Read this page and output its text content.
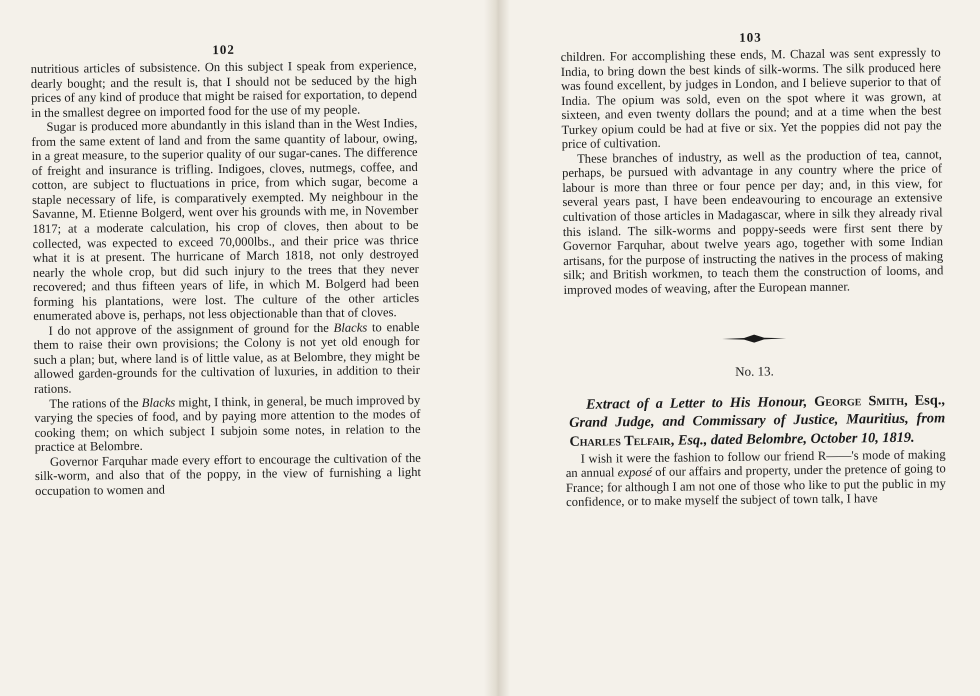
102

nutritious articles of subsistence. On this subject I speak from experience, dearly bought; and the result is, that I should not be seduced by the high prices of any kind of produce that might be raised for exportation, to depend in the smallest degree on imported food for the use of my people.

Sugar is produced more abundantly in this island than in the West Indies, from the same extent of land and from the same quantity of labour, owing, in a great measure, to the superior quality of our sugar-canes. The difference of freight and insurance is trifling. Indigoes, cloves, nutmegs, coffee, and cotton, are subject to fluctuations in price, from which sugar, become a staple necessary of life, is comparatively exempted. My neighbour in the Savanne, M. Etienne Bolgerd, went over his grounds with me, in November 1817; at a moderate calculation, his crop of cloves, then about to be collected, was expected to exceed 70,000lbs., and their price was thrice what it is at present. The hurricane of March 1818, not only destroyed nearly the whole crop, but did such injury to the trees that they never recovered; and thus fifteen years of life, in which M. Bolgerd had been forming his plantations, were lost. The culture of the other articles enumerated above is, perhaps, not less objectionable than that of cloves.

I do not approve of the assignment of ground for the Blacks to enable them to raise their own provisions; the Colony is not yet old enough for such a plan; but, where land is of little value, as at Belombre, they might be allowed garden-grounds for the cultivation of luxuries, in addition to their rations.

The rations of the Blacks might, I think, in general, be much improved by varying the species of food, and by paying more attention to the modes of cooking them; on which subject I subjoin some notes, in relation to the practice at Belombre.

Governor Farquhar made every effort to encourage the cultivation of the silk-worm, and also that of the poppy, in the view of furnishing a light occupation to women and

103

children. For accomplishing these ends, M. Chazal was sent expressly to India, to bring down the best kinds of silk-worms. The silk produced here was found excellent, by judges in London, and I believe superior to that of India. The opium was sold, even on the spot where it was grown, at sixteen, and even twenty dollars the pound; and at a time when the best Turkey opium could be had at five or six. Yet the poppies did not pay the price of cultivation.

These branches of industry, as well as the production of tea, cannot, perhaps, be pursued with advantage in any country where the price of labour is more than three or four pence per day; and, in this view, for several years past, I have been endeavouring to encourage an extensive cultivation of those articles in Madagascar, where in silk they already rival this island. The silk-worms and poppy-seeds were first sent there by Governor Farquhar, about twelve years ago, together with some Indian artisans, for the purpose of instructing the natives in the process of making silk; and British workmen, to teach them the construction of looms, and improved modes of weaving, after the European manner.

No. 13.

Extract of a Letter to His Honour, George Smith, Esq., Grand Judge, and Commissary of Justice, Mauritius, from Charles Telfair, Esq., dated Belombre, October 10, 1819.

I wish it were the fashion to follow our friend R——'s mode of making an annual exposé of our affairs and property, under the pretence of going to France; for although I am not one of those who like to put the public in my confidence, or to make myself the subject of town talk, I have
